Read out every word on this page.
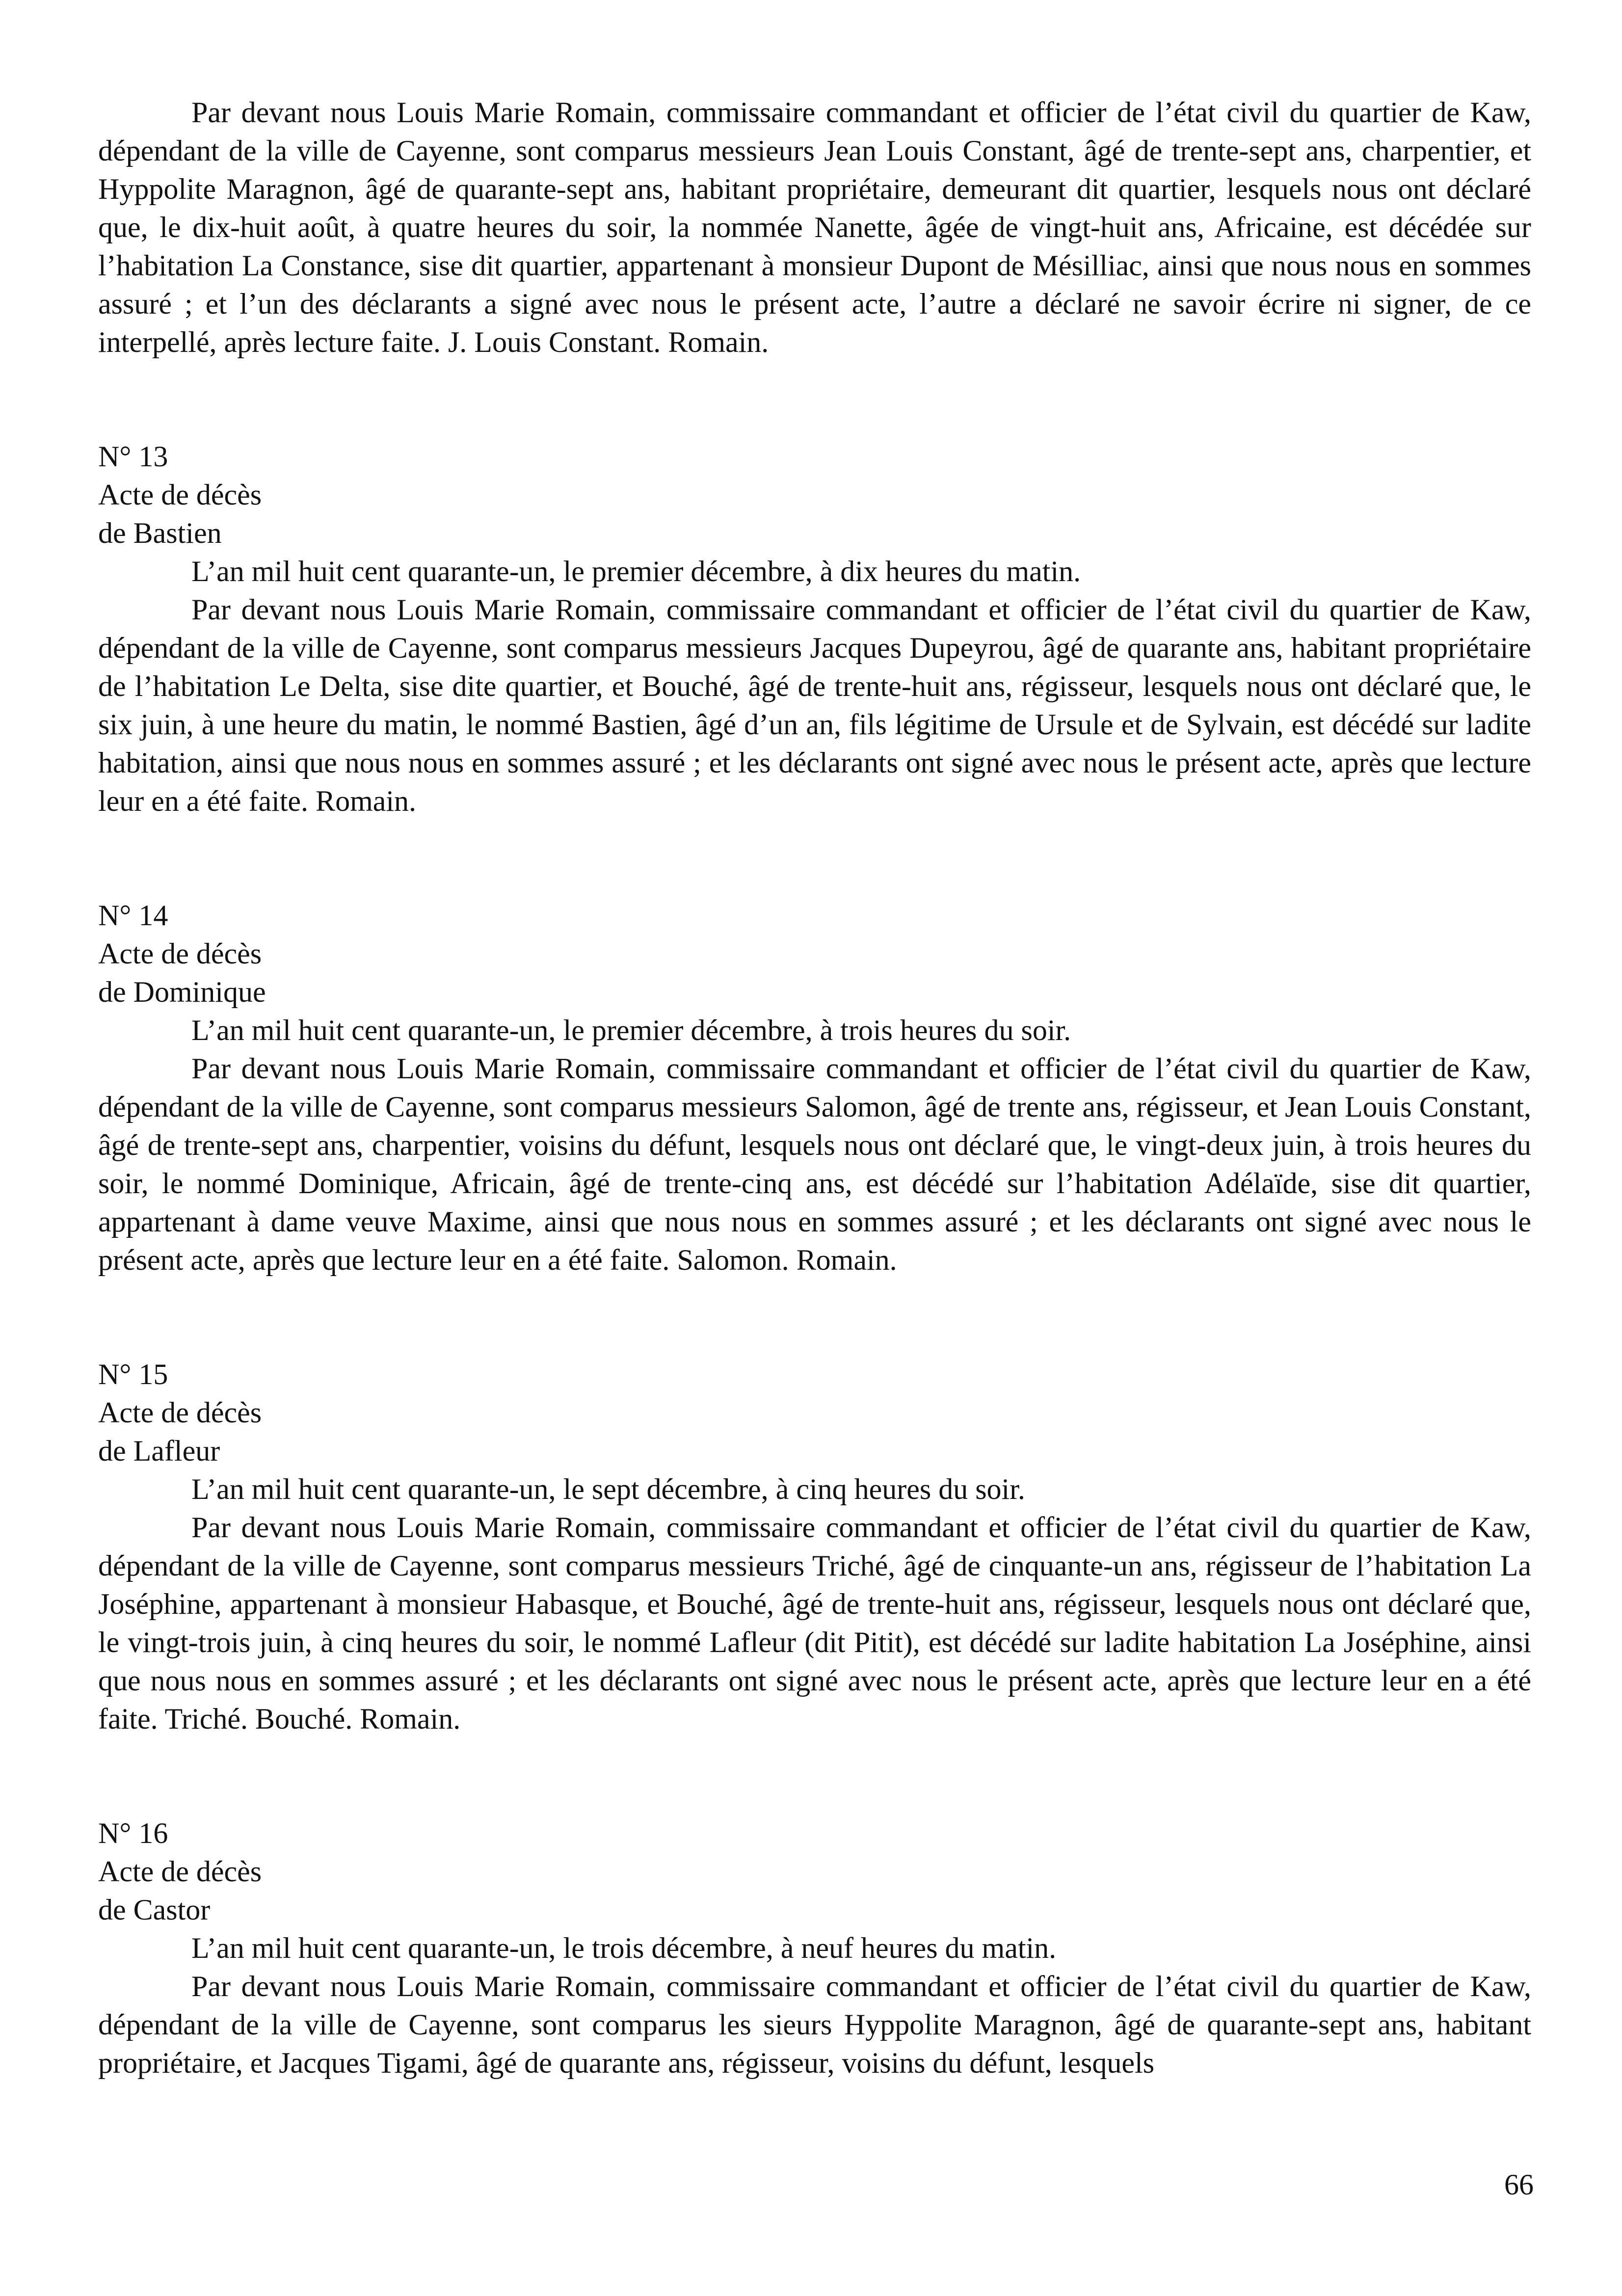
Par devant nous Louis Marie Romain, commissaire commandant et officier de l’état civil du quartier de Kaw, dépendant de la ville de Cayenne, sont comparus messieurs Jean Louis Constant, âgé de trente-sept ans, charpentier, et Hyppolite Maragnon, âgé de quarante-sept ans, habitant propriétaire, demeurant dit quartier, lesquels nous ont déclaré que, le dix-huit août, à quatre heures du soir, la nommée Nanette, âgée de vingt-huit ans, Africaine, est décédée sur l’habitation La Constance, sise dit quartier, appartenant à monsieur Dupont de Mésilliac, ainsi que nous nous en sommes assuré ; et l’un des déclarants a signé avec nous le présent acte, l’autre a déclaré ne savoir écrire ni signer, de ce interpellé, après lecture faite. J. Louis Constant. Romain.

N° 13

Acte de décès

de Bastien

L’an mil huit cent quarante-un, le premier décembre, à dix heures du matin.

Par devant nous Louis Marie Romain, commissaire commandant et officier de l’état civil du quartier de Kaw, dépendant de la ville de Cayenne, sont comparus messieurs Jacques Dupeyrou, âgé de quarante ans, habitant propriétaire de l’habitation Le Delta, sise dite quartier, et Bouché, âgé de trente-huit ans, régisseur, lesquels nous ont déclaré que, le six juin, à une heure du matin, le nommé Bastien, âgé d’un an, fils légitime de Ursule et de Sylvain, est décédé sur ladite habitation, ainsi que nous nous en sommes assuré ; et les déclarants ont signé avec nous le présent acte, après que lecture leur en a été faite. Romain.

N° 14

Acte de décès

de Dominique

L’an mil huit cent quarante-un, le premier décembre, à trois heures du soir.

Par devant nous Louis Marie Romain, commissaire commandant et officier de l’état civil du quartier de Kaw, dépendant de la ville de Cayenne, sont comparus messieurs Salomon, âgé de trente ans, régisseur, et Jean Louis Constant, âgé de trente-sept ans, charpentier, voisins du défunt, lesquels nous ont déclaré que, le vingt-deux juin, à trois heures du soir, le nommé Dominique, Africain, âgé de trente-cinq ans, est décédé sur l’habitation Adélaïde, sise dit quartier, appartenant à dame veuve Maxime, ainsi que nous nous en sommes assuré ; et les déclarants ont signé avec nous le présent acte, après que lecture leur en a été faite. Salomon. Romain.

N° 15

Acte de décès

de Lafleur

L’an mil huit cent quarante-un, le sept décembre, à cinq heures du soir.

Par devant nous Louis Marie Romain, commissaire commandant et officier de l’état civil du quartier de Kaw, dépendant de la ville de Cayenne, sont comparus messieurs Triché, âgé de cinquante-un ans, régisseur de l’habitation La Joséphine, appartenant à monsieur Habasque, et Bouché, âgé de trente-huit ans, régisseur, lesquels nous ont déclaré que, le vingt-trois juin, à cinq heures du soir, le nommé Lafleur (dit Pitit), est décédé sur ladite habitation La Joséphine, ainsi que nous nous en sommes assuré ; et les déclarants ont signé avec nous le présent acte, après que lecture leur en a été faite. Triché. Bouché. Romain.

N° 16

Acte de décès

de Castor

L’an mil huit cent quarante-un, le trois décembre, à neuf heures du matin.

Par devant nous Louis Marie Romain, commissaire commandant et officier de l’état civil du quartier de Kaw, dépendant de la ville de Cayenne, sont comparus les sieurs Hyppolite Maragnon, âgé de quarante-sept ans, habitant propriétaire, et Jacques Tigami, âgé de quarante ans, régisseur, voisins du défunt, lesquels

66
